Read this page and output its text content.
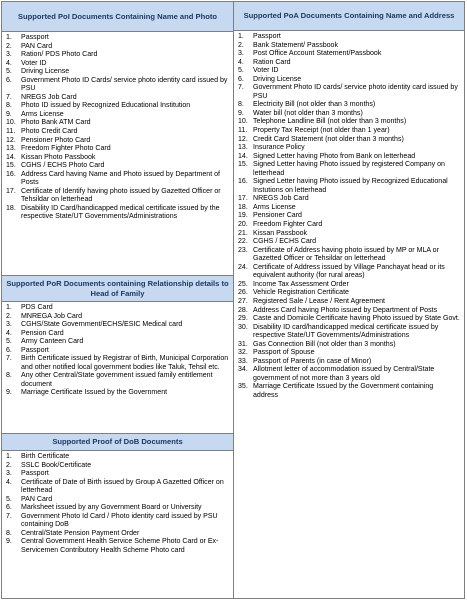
Supported PoI Documents Containing Name and Photo
1.	Passport
2.	PAN Card
3.	Ration/ PDS Photo Card
4.	Voter ID
5.	Driving License
6.	Government Photo ID Cards/ service photo identity card issued by PSU
7.	NREGS Job Card
8.	Photo ID issued by Recognized Educational Institution
9.	Arms License
10. Photo Bank ATM Card
11. Photo Credit Card
12. Pensioner Photo Card
13. Freedom Fighter Photo Card
14. Kissan Photo Passbook
15. CGHS / ECHS Photo Card
16. Address Card having Name and Photo issued by Department of Posts
17. Certificate of Identify having photo issued by Gazetted Officer or Tehsildar on letterhead
18. Disability ID Card/handicapped medical certificate issued by the respective State/UT Governments/Administrations
Supported PoR Documents containing Relationship details to Head of Family
1.	PDS Card
2.	MNREGA Job Card
3.	CGHS/State Government/ECHS/ESIC Medical card
4.	Pension Card
5.	Army Canteen Card
6.	Passport
7.	Birth Certificate issued by Registrar of Birth, Municipal Corporation and other notified local government bodies like Taluk, Tehsil etc.
8.	Any other Central/State government issued family entitlement document
9.	Marriage Certificate Issued by the Government
Supported Proof of DoB Documents
1.	Birth Certificate
2.	SSLC Book/Certificate
3.	Passport
4.	Certificate of Date of Birth issued by Group A Gazetted Officer on letterhead
5.	PAN Card
6.	Marksheet issued by any Government Board or University
7.	Government Photo Id Card / Photo identity card issued by PSU containing DoB
8.	Central/State Pension Payment Order
9.	Central Government Health Service Scheme Photo Card or Ex-Servicemen Contributory Health Scheme Photo card
Supported PoA Documents Containing Name and Address
1.	Passport
2.	Bank Statement/ Passbook
3.	Post Office Account Statement/Passbook
4.	Ration Card
5.	Voter ID
6.	Driving License
7.	Government Photo ID cards/ service photo identity card issued by PSU
8.	Electricity Bill (not older than 3 months)
9.	Water bill (not older than 3 months)
10. Telephone Landline Bill (not older than 3 months)
11. Property Tax Receipt (not older than 1 year)
12. Credit Card Statement (not older than 3 months)
13. Insurance Policy
14. Signed Letter having Photo from Bank on letterhead
15. Signed Letter having Photo issued by registered Company on letterhead
16. Signed Letter having Photo issued by Recognized Educational Instutions on letterhead
17. NREGS Job Card
18. Arms License
19. Pensioner Card
20. Freedom Fighter Card
21. Kissan Passbook
22. CGHS / ECHS Card
23. Certificate of Address having photo issued by MP or MLA or Gazetted Officer or Tehsildar on letterhead
24. Certificate of Address issued by Village Panchayat head or its equivalent authority (for rural areas)
25. Income Tax Assessment Order
26. Vehicle Registration Certificate
27. Registered Sale / Lease / Rent Agreement
28. Address Card having Photo issued by Department of Posts
29. Caste and Domicile Certificate having Photo issued by State Govt.
30. Disability ID card/handicapped medical certificate issued by respective State/UT Governments/Administrations
31. Gas Connection Bill (not older than 3 months)
32. Passport of Spouse
33. Passport of Parents (in case of Minor)
34. Allotment letter of accommodation issued by Central/State government of not more than 3 years old
35. Marriage Certificate Issued by the Government containing address
